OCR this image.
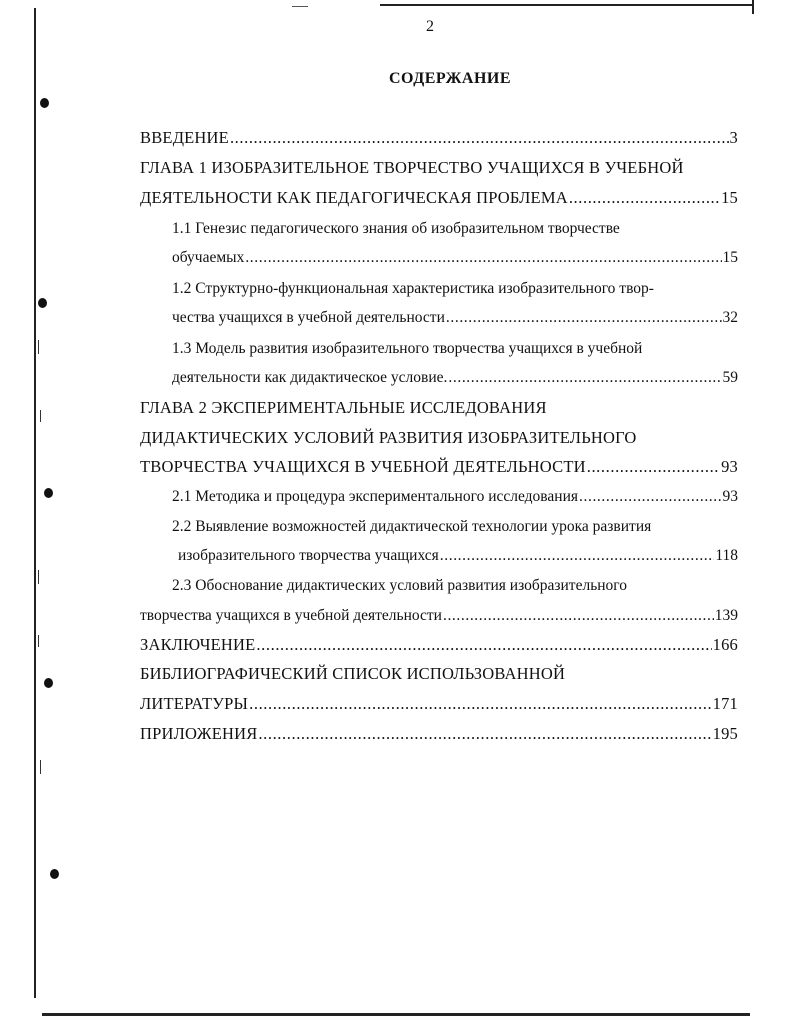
2
СОДЕРЖАНИЕ
ВВЕДЕНИЕ .....	3
ГЛАВА 1 ИЗОБРАЗИТЕЛЬНОЕ ТВОРЧЕСТВО УЧАЩИХСЯ В УЧЕБНОЙ
ДЕЯТЕЛЬНОСТИ КАК ПЕДАГОГИЧЕСКАЯ ПРОБЛЕМА .....	15
1.1 Генезис педагогического знания об изобразительном творчестве
обучаемых .....	15
1.2 Структурно-функциональная характеристика изобразительного твор-
чества учащихся в учебной деятельности .....	32
1.3 Модель развития изобразительного творчества учащихся в учебной
деятельности как дидактическое условие. .....	59
ГЛАВА 2 ЭКСПЕРИМЕНТАЛЬНЫЕ ИССЛЕДОВАНИЯ
ДИДАКТИЧЕСКИХ УСЛОВИЙ РАЗВИТИЯ ИЗОБРАЗИТЕЛЬНОГО
ТВОРЧЕСТВА УЧАЩИХСЯ В УЧЕБНОЙ ДЕЯТЕЛЬНОСТИ .....	93
2.1 Методика и процедура экспериментального исследования .....	93
2.2 Выявление возможностей дидактической технологии урока развития
изобразительного творчества учащихся .....	118
2.3 Обоснование дидактических условий развития изобразительного
творчества учащихся в учебной деятельности .....	139
ЗАКЛЮЧЕНИЕ .....	166
БИБЛИОГРАФИЧЕСКИЙ СПИСОК ИСПОЛЬЗОВАННОЙ
ЛИТЕРАТУРЫ .....	171
ПРИЛОЖЕНИЯ .....	195
